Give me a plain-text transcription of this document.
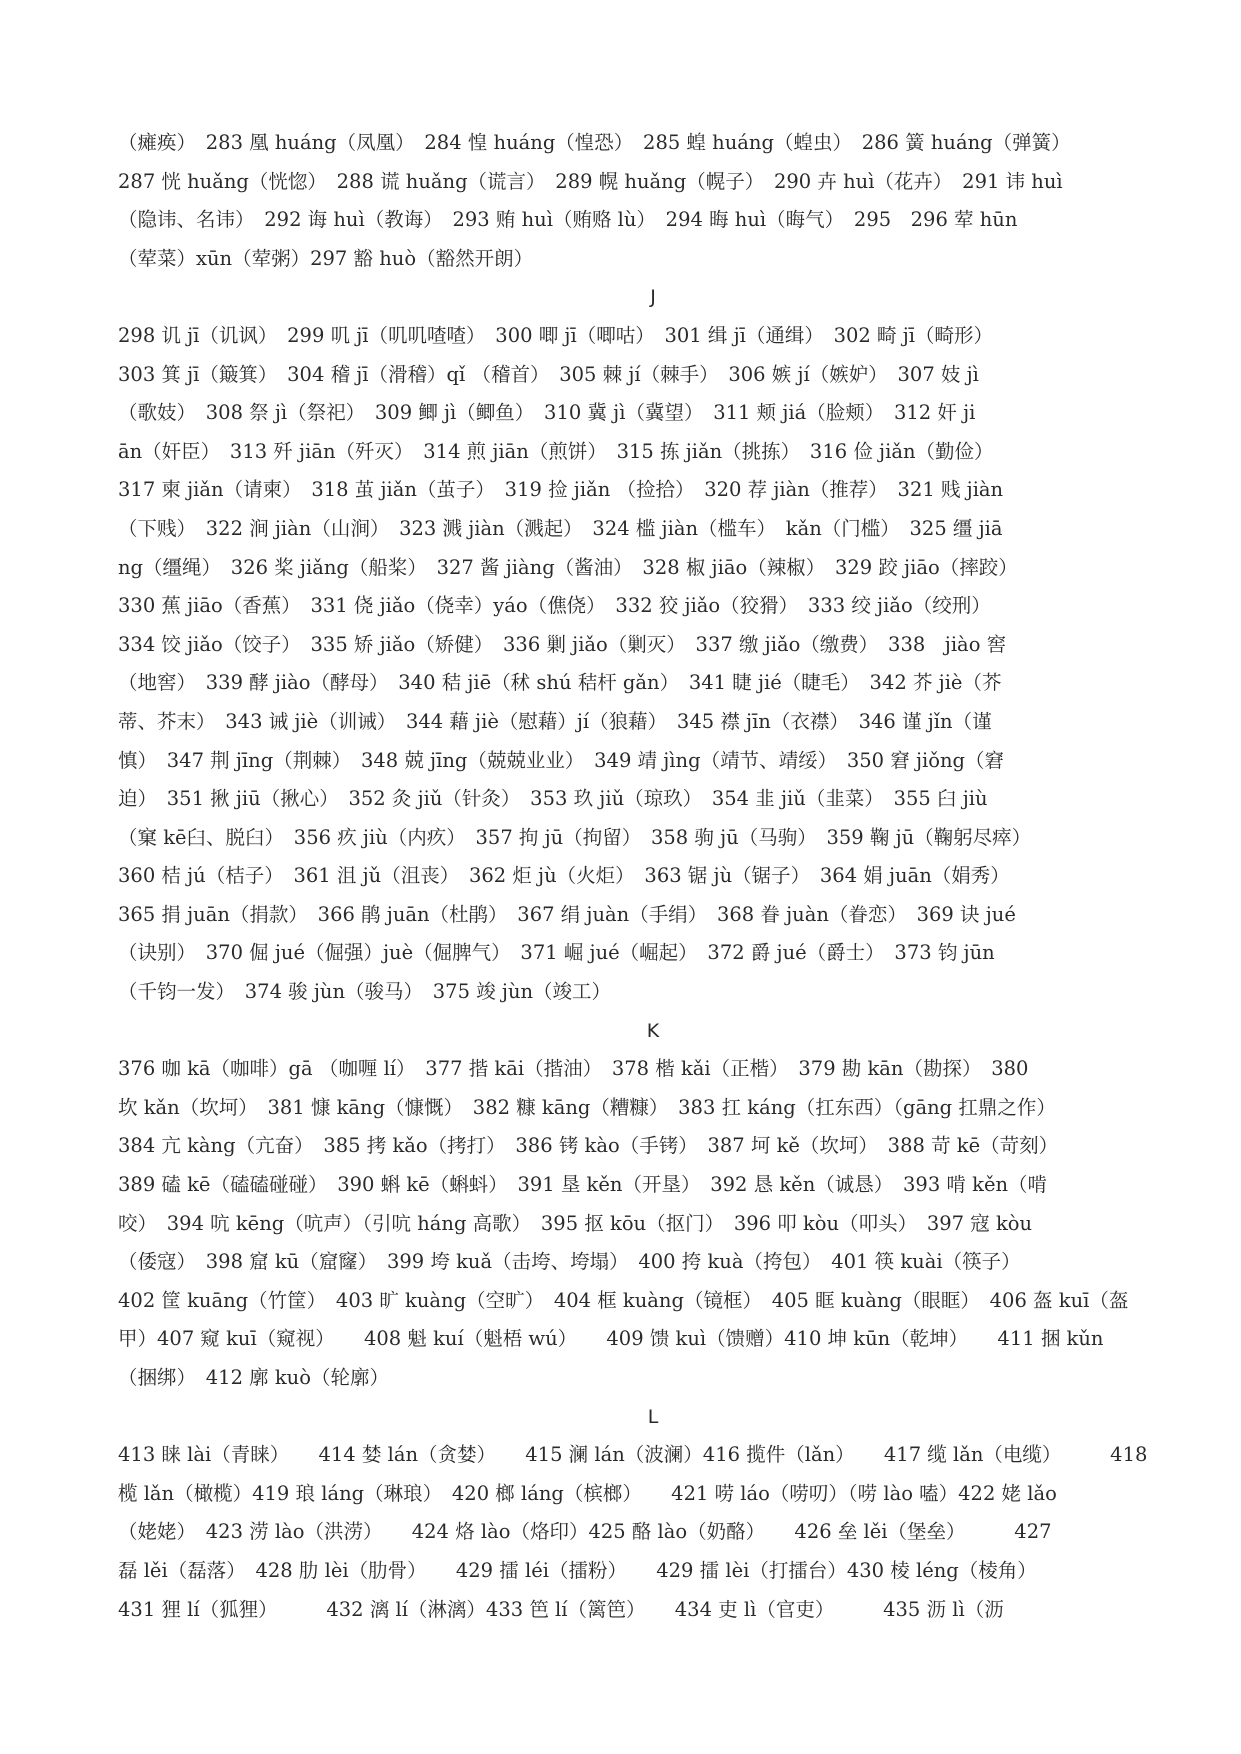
（瘫痪）　283 凰 huáng（凤凰）　284 惶 huáng（惶恐）　285 蝗 huáng（蝗虫）　286 簧 huáng（弹簧）
287 恍 huǎng（恍惚）　288 谎 huǎng（谎言）　289 幌 huǎng（幌子）　290 卉 huì（花卉）　291 讳 huì
（隐讳、名讳）　292 诲 huì（教诲）　293 贿 huì（贿赂 lù）　294 晦 huì（晦气）　295　296 荤 hūn
（荤菜）xūn（荤粥）297 豁 huò（豁然开朗）
J
298 讥 jī（讥讽）　299 叽 jī（叽叽喳喳）　300 唧 jī（唧咕）　301 缉 jī（通缉）　302 畸 jī（畸形）
303 箕 jī（簸箕）　304 稽 jī（滑稽）qǐ （稽首）　305 棘 jí（棘手）　306 嫉 jí（嫉妒）　307 妓 jì
（歌妓）　308 祭 jì（祭祀）　309 鲫 jì（鲫鱼）　310 冀 jì（冀望）　311 颊 jiá（脸颊）　312 奸 ji
ān（奸臣）　313 歼 jiān（歼灭）　314 煎 jiān（煎饼）　315 拣 jiǎn（挑拣）　316 俭 jiǎn（勤俭）
317 柬 jiǎn（请柬）　318 茧 jiǎn（茧子）　319 捡 jiǎn （捡拾）　320 荐 jiàn（推荐）　321 贱 jiàn
（下贱）　322 涧 jiàn（山涧）　323 溅 jiàn（溅起）　324 槛 jiàn（槛车）　kǎn（门槛）　325 缰 jiā
ng（缰绳）　326 桨 jiǎng（船桨）　327 酱 jiàng（酱油）　328 椒 jiāo（辣椒）　329 跤 jiāo（摔跤）
330 蕉 jiāo（香蕉）　331 侥 jiǎo（侥幸）yáo（僬侥）　332 狡 jiǎo（狡猾）　333 绞 jiǎo（绞刑）
334 饺 jiǎo（饺子）　335 矫 jiǎo（矫健）　336 剿 jiǎo（剿灭）　337 缴 jiǎo（缴费）　338　jiào 窖
（地窖）　339 酵 jiào（酵母）　340 秸 jiē（秫 shú 秸杆 gǎn）　341 睫 jié（睫毛）　342 芥 jiè（芥
蒂、芥末）　343 诫 jiè（训诫）　344 藉 jiè（慰藉）jí（狼藉）　345 襟 jīn（衣襟）　346 谨 jǐn（谨
慎）　347 荆 jīng（荆棘）　348 兢 jīng（兢兢业业）　349 靖 jìng（靖节、靖绥）　350 窘 jiǒng（窘
迫）　351 揪 jiū（揪心）　352 灸 jiǔ（针灸）　353 玖 jiǔ（琼玖）　354 韭 jiǔ（韭菜）　355 臼 jiù
（窠 kē臼、脱臼）　356 疚 jiù（内疚）　357 拘 jū（拘留）　358 驹 jū（马驹）　359 鞠 jū（鞠躬尽瘁）
360 桔 jú（桔子）　361 沮 jǔ（沮丧）　362 炬 jù（火炬）　363 锯 jù（锯子）　364 娟 juān（娟秀）
365 捐 juān（捐款）　366 鹃 juān（杜鹃）　367 绢 juàn（手绢）　368 眷 juàn（眷恋）　369 诀 jué
（诀别）　370 倔 jué（倔强）juè（倔脾气）　371 崛 jué（崛起）　372 爵 jué（爵士）　373 钧 jūn
（千钧一发）　374 骏 jùn（骏马）　375 竣 jùn（竣工）
K
376 咖 kā（咖啡）gā （咖喱 lí）　377 揩 kāi（揩油）　378 楷 kǎi（正楷）　379 勘 kān（勘探）　380
坎 kǎn（坎坷）　381 慷 kāng（慷慨）　382 糠 kāng（糟糠）　383 扛 káng（扛东西）（gāng 扛鼎之作）
384 亢 kàng（亢奋）　385 拷 kǎo（拷打）　386 铐 kào（手铐）　387 坷 kě（坎坷）　388 苛 kē（苛刻）
389 磕 kē（磕磕碰碰）　390 蝌 kē（蝌蚪）　391 垦 kěn（开垦）　392 恳 kěn（诚恳）　393 啃 kěn（啃
咬）　394 吭 kēng（吭声）（引吭 háng 高歌）　395 抠 kōu（抠门）　396 叩 kòu（叩头）　397 寇 kòu
（倭寇）　398 窟 kū（窟窿）　399 垮 kuǎ（击垮、垮塌）　400 挎 kuà（挎包）　401 筷 kuài（筷子）
402 筐 kuāng（竹筐）　403 旷 kuàng（空旷）　404 框 kuàng（镜框）　405 眶 kuàng（眼眶）　406 盔 kuī（盔
甲）407 窥 kuī（窥视）　　408 魁 kuí（魁梧 wú）　　409 馈 kuì（馈赠）410 坤 kūn（乾坤）　　411 捆 kǔn
（捆绑）　412 廓 kuò（轮廓）
L
413 睐 lài（青睐）　　414 婪 lán（贪婪）　　415 澜 lán（波澜）416 揽件（lǎn）　　417 缆 lǎn（电缆）　　　418
榄 lǎn（橄榄）419 琅 láng（琳琅）　420 榔 láng（槟榔）　　421 唠 láo（唠叨）（唠 lào 嗑）422 姥 lǎo
（姥姥）　423 涝 lào（洪涝）　　424 烙 lào（烙印）425 酪 lào（奶酪）　　426 垒 lěi（堡垒）　　　427
磊 lěi（磊落）　428 肋 lèi（肋骨）　　429 擂 léi（擂粉）　　429 擂 lèi（打擂台）430 棱 léng（棱角）
431 狸 lí（狐狸）　　　432 漓 lí（淋漓）433 笆 lí（篱笆）　　434 吏 lì（官吏）　　　435 沥 lì（沥
